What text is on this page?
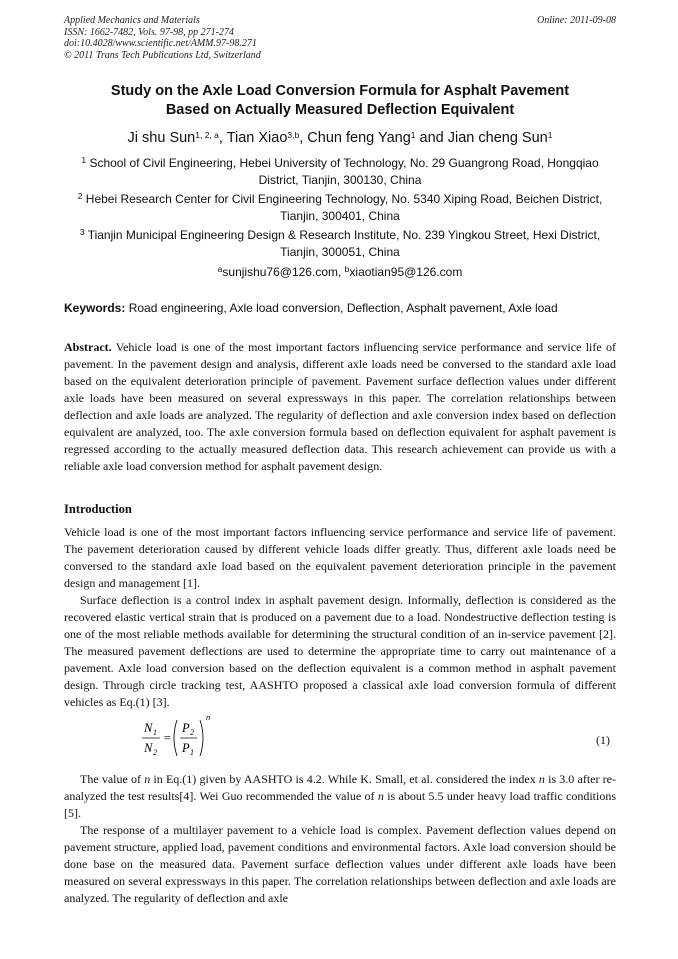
Applied Mechanics and Materials
ISSN: 1662-7482, Vols. 97-98, pp 271-274
doi:10.4028/www.scientific.net/AMM.97-98.271
© 2011 Trans Tech Publications Ltd, Switzerland
Online: 2011-09-08
Study on the Axle Load Conversion Formula for Asphalt Pavement
Based on Actually Measured Deflection Equivalent
Ji shu Sun$^{1, 2, a}$, Tian Xiao$^{3,b}$, Chun feng Yang$^1$ and Jian cheng Sun$^1$
$^1$ School of Civil Engineering, Hebei University of Technology, No. 29 Guangrong Road, Hongqiao
District, Tianjin, 300130, China
$^2$ Hebei Research Center for Civil Engineering Technology, No. 5340 Xiping Road, Beichen District,
Tianjin, 300401, China
$^3$ Tianjin Municipal Engineering Design & Research Institute, No. 239 Yingkou Street, Hexi District,
Tianjin, 300051, China
$^a$sunjishu76@126.com, $^b$xiaotian95@126.com
Keywords: Road engineering, Axle load conversion, Deflection, Asphalt pavement, Axle load
Abstract. Vehicle load is one of the most important factors influencing service performance and service life of pavement. In the pavement design and analysis, different axle loads need be conversed to the standard axle load based on the equivalent deterioration principle of pavement. Pavement surface deflection values under different axle loads have been measured on several expressways in this paper. The correlation relationships between deflection and axle loads are analyzed. The regularity of deflection and axle conversion index based on deflection equivalent are analyzed, too. The axle conversion formula based on deflection equivalent for asphalt pavement is regressed according to the actually measured deflection data. This research achievement can provide us with a reliable axle load conversion method for asphalt pavement design.
Introduction

Vehicle load is one of the most important factors influencing service performance and service life of pavement. The pavement deterioration caused by different vehicle loads differ greatly. Thus, different axle loads need be conversed to the standard axle load based on the equivalent pavement deterioration principle in the pavement design and management [1].

Surface deflection is a control index in asphalt pavement design. Informally, deflection is considered as the recovered elastic vertical strain that is produced on a pavement due to a load. Nondestructive deflection testing is one of the most reliable methods available for determining the structural condition of an in-service pavement [2]. The measured pavement deflections are used to determine the appropriate time to carry out maintenance of a pavement. Axle load conversion based on the deflection equivalent is a common method in asphalt pavement design. Through circle tracking test, AASHTO proposed a classical axle load conversion formula of different vehicles as Eq.(1) [3].

N 1
N 2
=
P 2
P 1
n
(1)

The value of n in Eq.(1) given by AASHTO is 4.2. While K. Small, et al. considered the index n is 3.0 after re-analyzed the test results[4]. Wei Guo recommended the value of n is about 5.5 under heavy load traffic conditions [5].

The response of a multilayer pavement to a vehicle load is complex. Pavement deflection values depend on pavement structure, applied load, pavement conditions and environmental factors. Axle load conversion should be done base on the measured data. Pavement surface deflection values under different axle loads have been measured on several expressways in this paper. The correlation relationships between deflection and axle loads are analyzed. The regularity of deflection and axle
